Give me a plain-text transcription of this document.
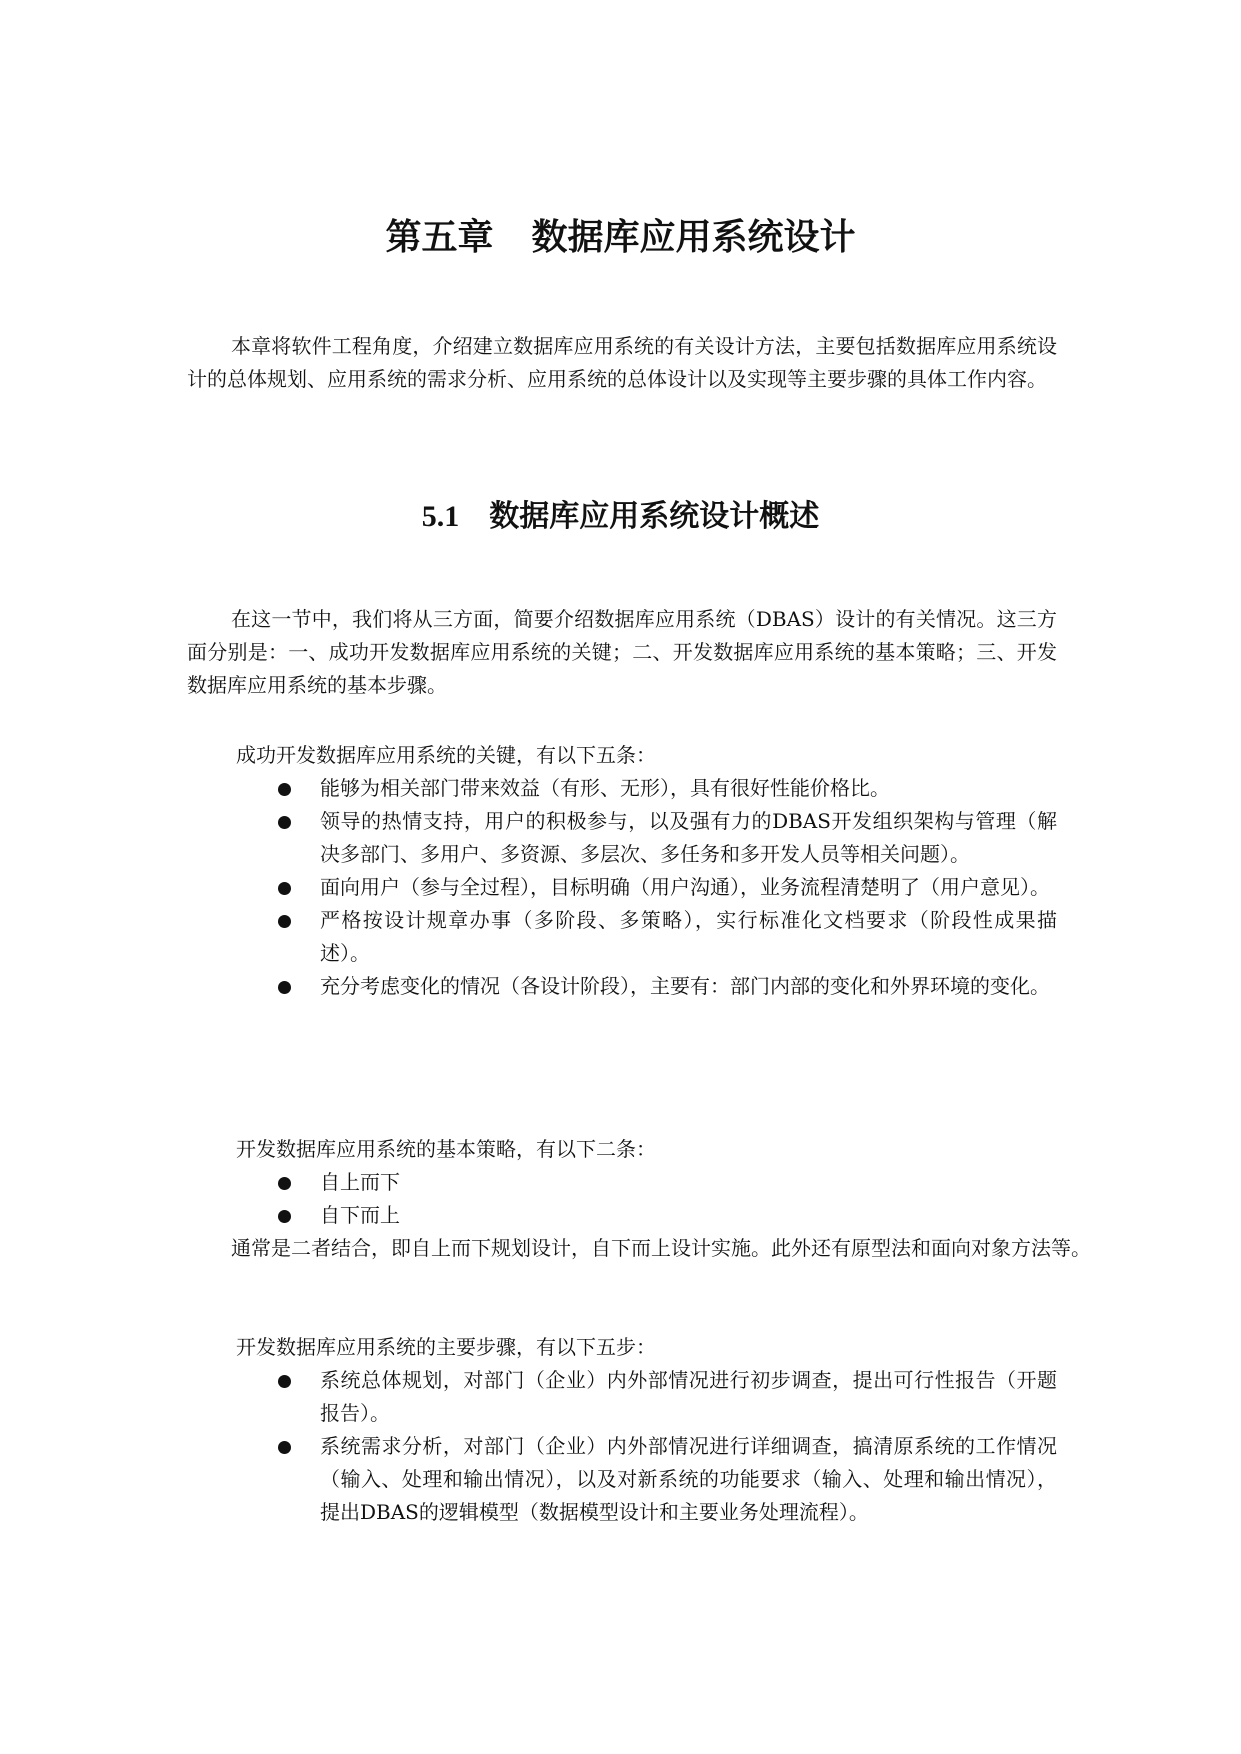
第五章 数据库应用系统设计

本章将软件工程角度，介绍建立数据库应用系统的有关设计方法，主要包括数据库应用系统设计的总体规划、应用系统的需求分析、应用系统的总体设计以及实现等主要步骤的具体工作内容。

5.1 数据库应用系统设计概述

在这一节中，我们将从三方面，简要介绍数据库应用系统（DBAS）设计的有关情况。这三方面分别是：一、成功开发数据库应用系统的关键；二、开发数据库应用系统的基本策略；三、开发数据库应用系统的基本步骤。

成功开发数据库应用系统的关键，有以下五条：

能够为相关部门带来效益（有形、无形），具有很好性能价格比。
领导的热情支持，用户的积极参与，以及强有力的DBAS开发组织架构与管理（解决多部门、多用户、多资源、多层次、多任务和多开发人员等相关问题）。
面向用户（参与全过程），目标明确（用户沟通），业务流程清楚明了（用户意见）。
严格按设计规章办事（多阶段、多策略），实行标准化文档要求（阶段性成果描述）。
充分考虑变化的情况（各设计阶段），主要有：部门内部的变化和外界环境的变化。

开发数据库应用系统的基本策略，有以下二条：

自上而下
自下而上

通常是二者结合，即自上而下规划设计，自下而上设计实施。此外还有原型法和面向对象方法等。

开发数据库应用系统的主要步骤，有以下五步：

系统总体规划，对部门（企业）内外部情况进行初步调查，提出可行性报告（开题报告）。
系统需求分析，对部门（企业）内外部情况进行详细调查，搞清原系统的工作情况（输入、处理和输出情况），以及对新系统的功能要求（输入、处理和输出情况），提出DBAS的逻辑模型（数据模型设计和主要业务处理流程）。
